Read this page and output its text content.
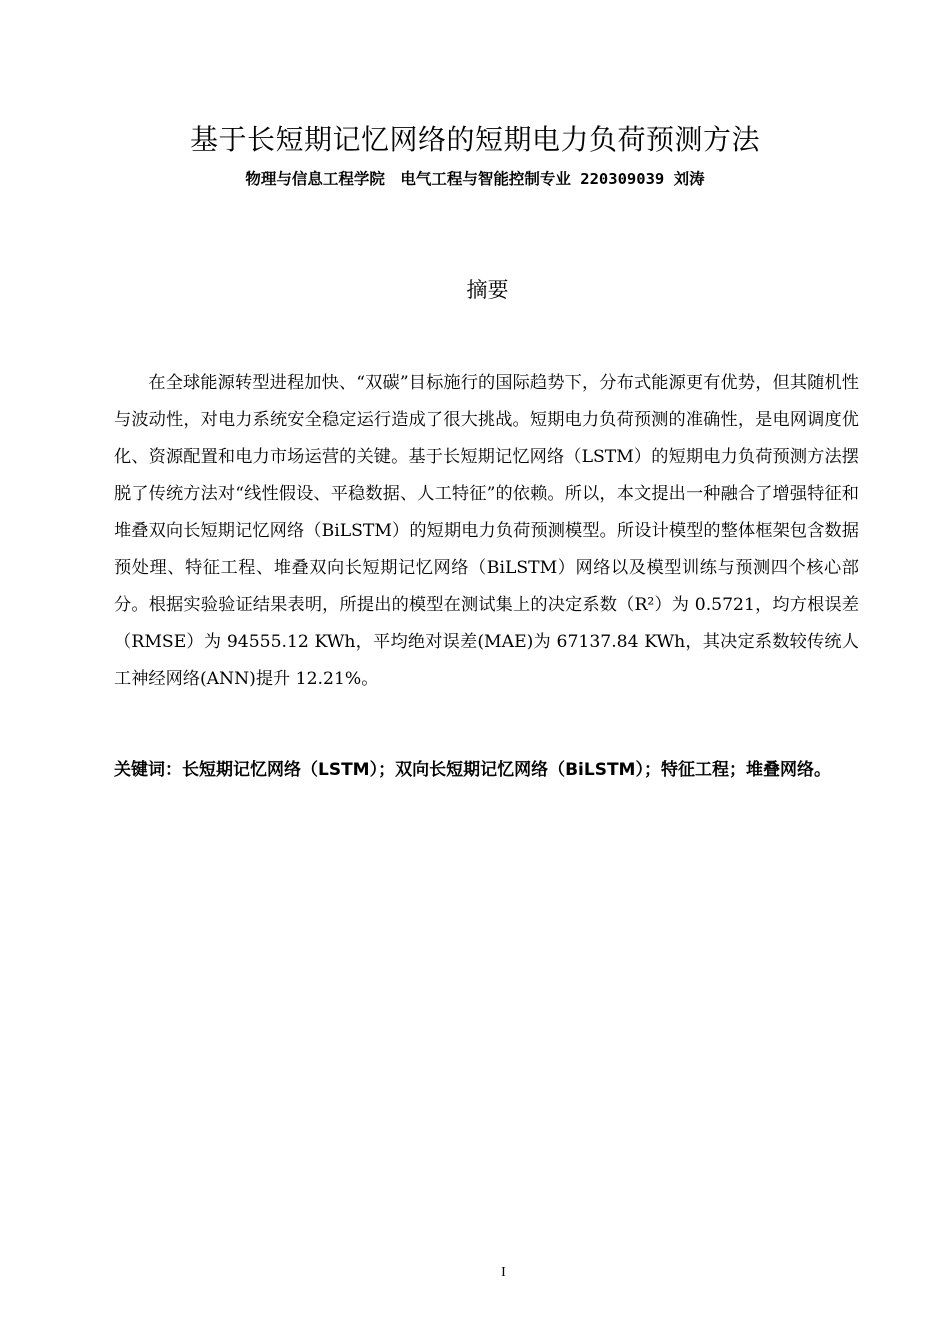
基于长短期记忆网络的短期电力负荷预测方法
物理与信息工程学院　电气工程与智能控制专业 220309039 刘涛
摘要
在全球能源转型进程加快、“双碳”目标施行的国际趋势下，分布式能源更有优势，但其随机性与波动性，对电力系统安全稳定运行造成了很大挑战。短期电力负荷预测的准确性，是电网调度优化、资源配置和电力市场运营的关键。基于长短期记忆网络（LSTM）的短期电力负荷预测方法摆脱了传统方法对“线性假设、平稳数据、人工特征”的依赖。所以，本文提出一种融合了增强特征和堆叠双向长短期记忆网络（BiLSTM）的短期电力负荷预测模型。所设计模型的整体框架包含数据预处理、特征工程、堆叠双向长短期记忆网络（BiLSTM）网络以及模型训练与预测四个核心部分。根据实验验证结果表明，所提出的模型在测试集上的决定系数（R²）为 0.5721，均方根误差（RMSE）为 94555.12 KWh，平均绝对误差(MAE)为 67137.84 KWh，其决定系数较传统人工神经网络(ANN)提升 12.21%。
关键词：长短期记忆网络（LSTM）；双向长短期记忆网络（BiLSTM）；特征工程；堆叠网络。
I
